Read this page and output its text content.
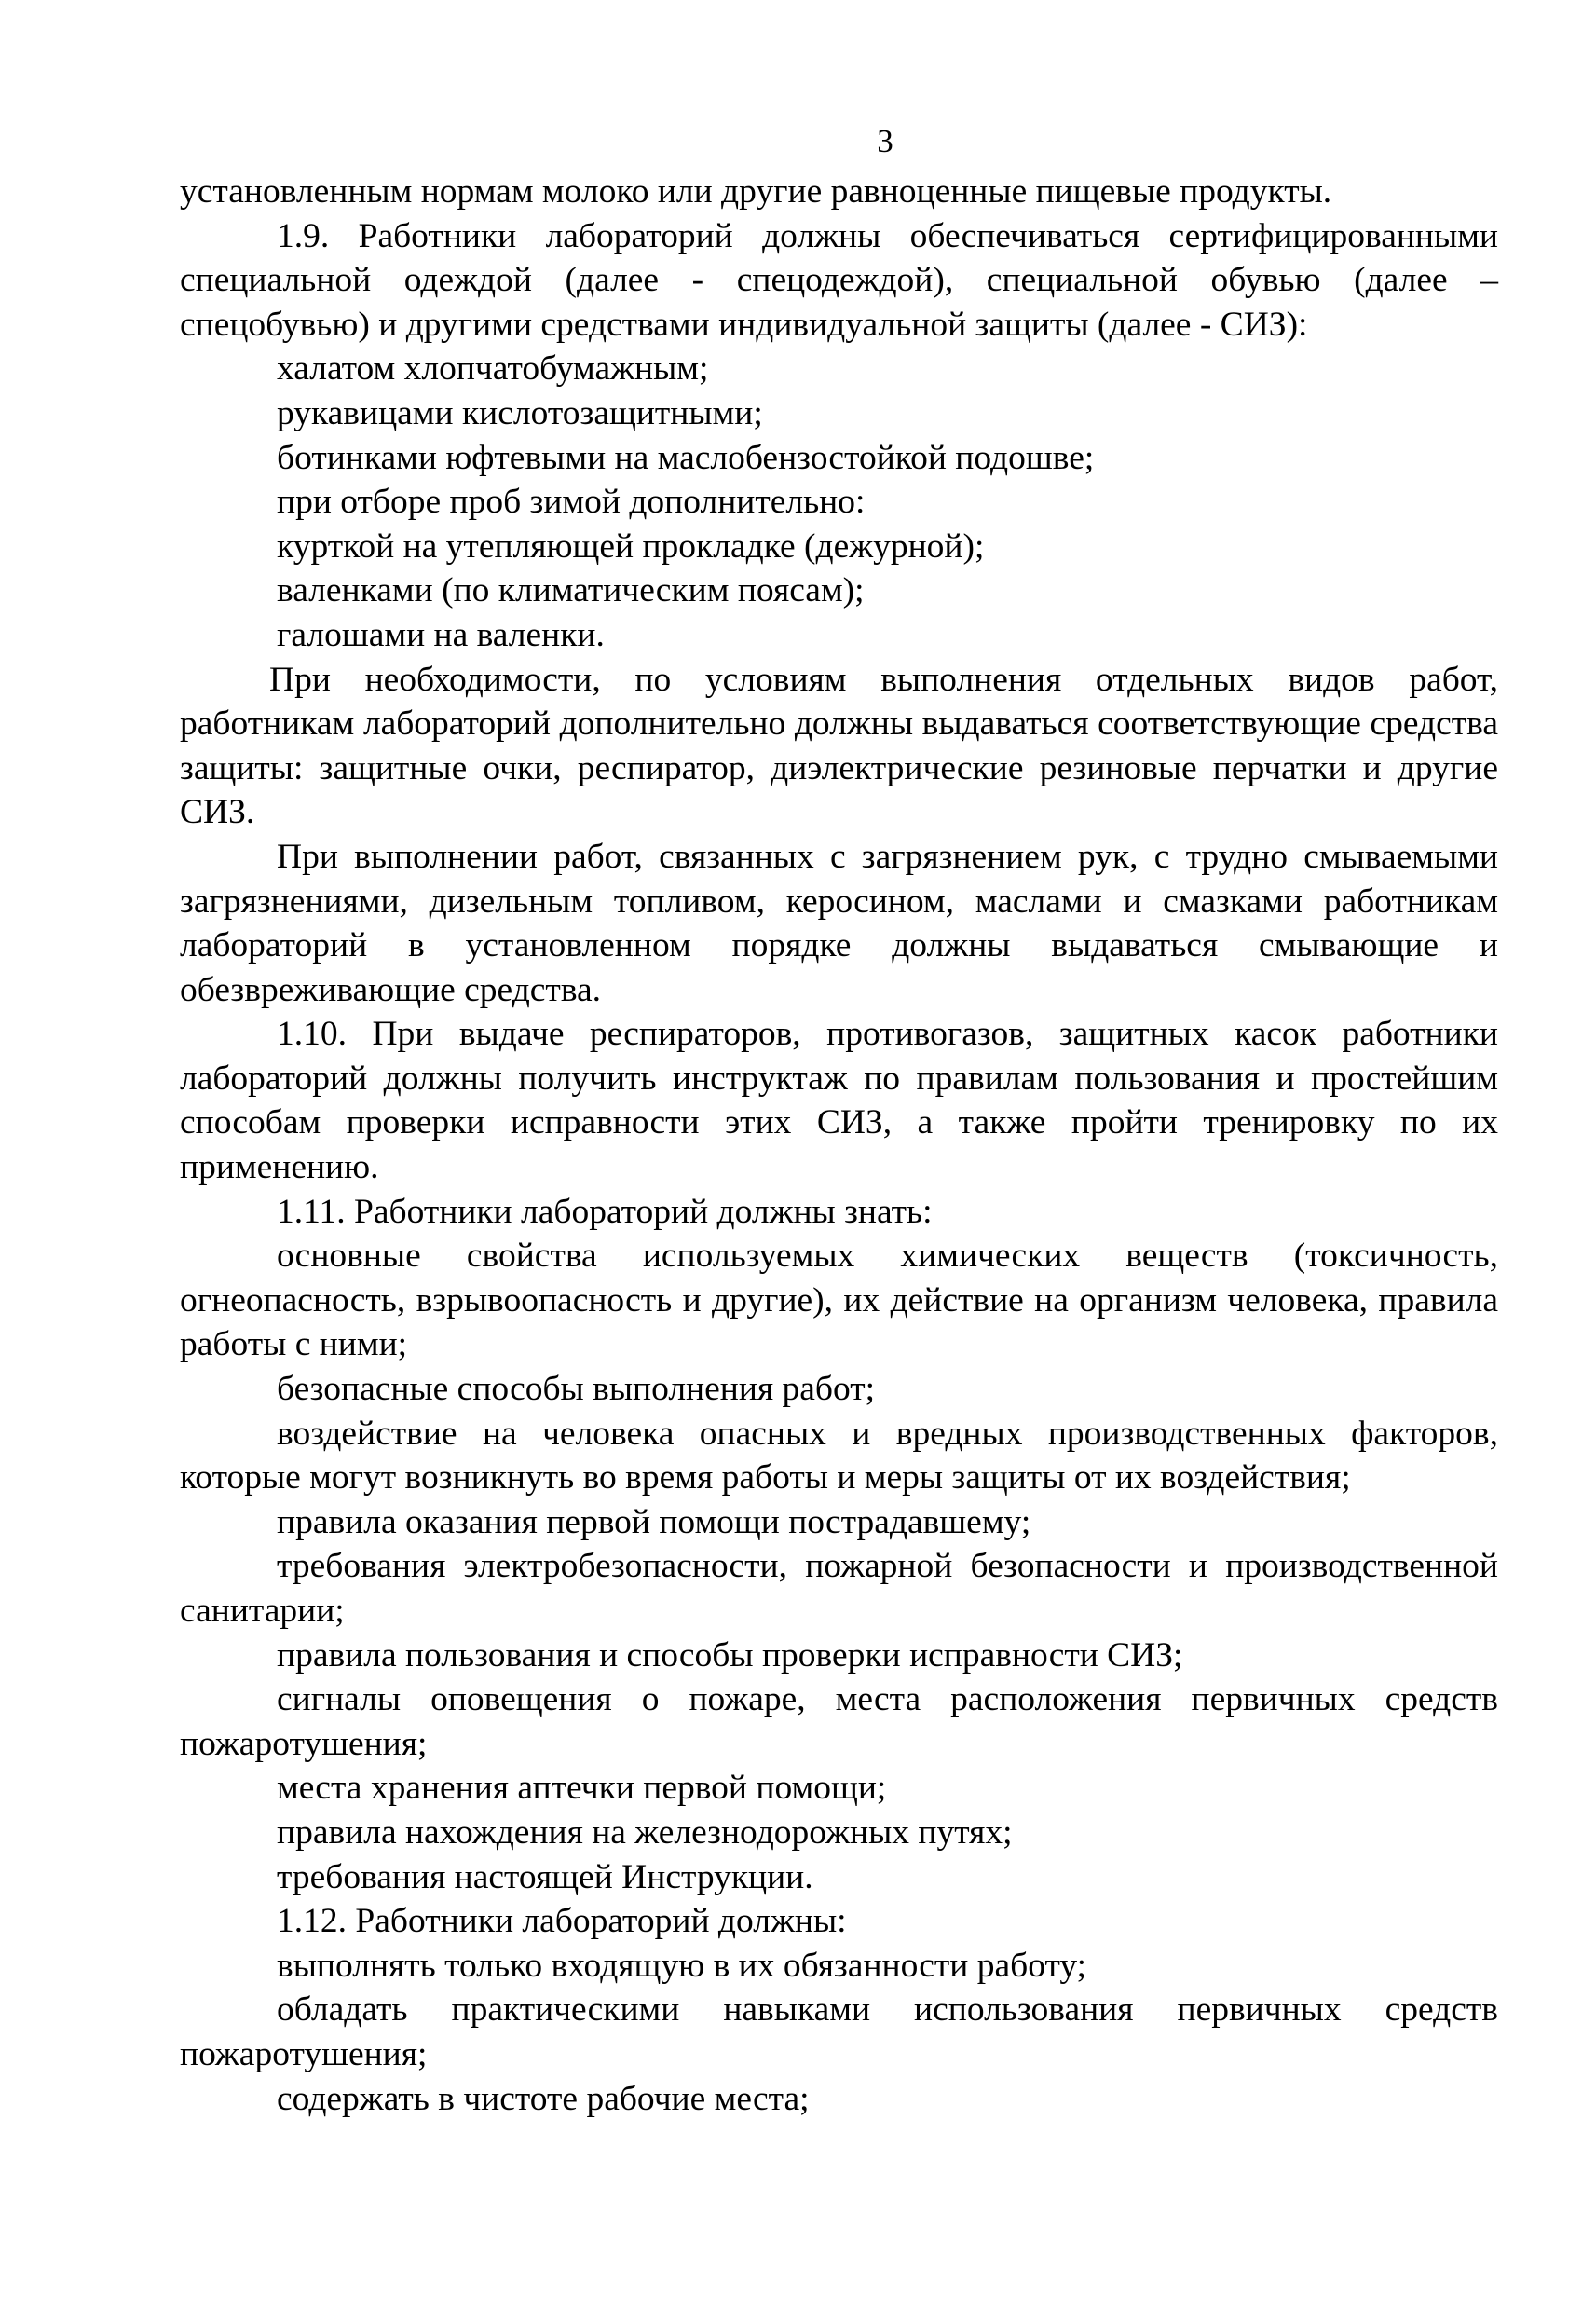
3

установленным нормам молоко или другие равноценные пищевые продукты.

1.9. Работники лабораторий должны обеспечиваться сертифицированными специальной одеждой (далее - спецодеждой), специальной обувью (далее – спецобувью) и другими средствами индивидуальной защиты (далее - СИЗ):

халатом хлопчатобумажным;

рукавицами кислотозащитными;

ботинками юфтевыми на маслобензостойкой подошве;

при отборе проб зимой дополнительно:

курткой на утепляющей прокладке (дежурной);

валенками (по климатическим поясам);

галошами на валенки.

При необходимости, по условиям выполнения отдельных видов работ, работникам лабораторий дополнительно должны выдаваться соответствующие средства защиты: защитные очки, респиратор, диэлектрические резиновые перчатки и другие СИЗ.

При выполнении работ, связанных с загрязнением рук, с трудно смываемыми загрязнениями, дизельным топливом, керосином, маслами и смазками работникам лабораторий в установленном порядке должны выдаваться смывающие и обезвреживающие средства.

1.10. При выдаче респираторов, противогазов, защитных касок работники лабораторий должны получить инструктаж по правилам пользования и простейшим способам проверки исправности этих СИЗ, а также пройти тренировку по их применению.

1.11. Работники лабораторий должны знать:

основные свойства используемых химических веществ (токсичность, огнеопасность, взрывоопасность и другие), их действие на организм человека, правила работы с ними;

безопасные способы выполнения работ;

воздействие на человека опасных и вредных производственных факторов, которые могут возникнуть во время работы и меры защиты от их воздействия;

правила оказания первой помощи пострадавшему;

требования электробезопасности, пожарной безопасности и производственной санитарии;

правила пользования и способы проверки исправности СИЗ;

сигналы оповещения о пожаре, места расположения первичных средств пожаротушения;

места хранения аптечки первой помощи;

правила нахождения на железнодорожных путях;

требования настоящей Инструкции.

1.12. Работники лабораторий должны:

выполнять только входящую в их обязанности работу;

обладать практическими навыками использования первичных средств пожаротушения;

содержать в чистоте рабочие места;
